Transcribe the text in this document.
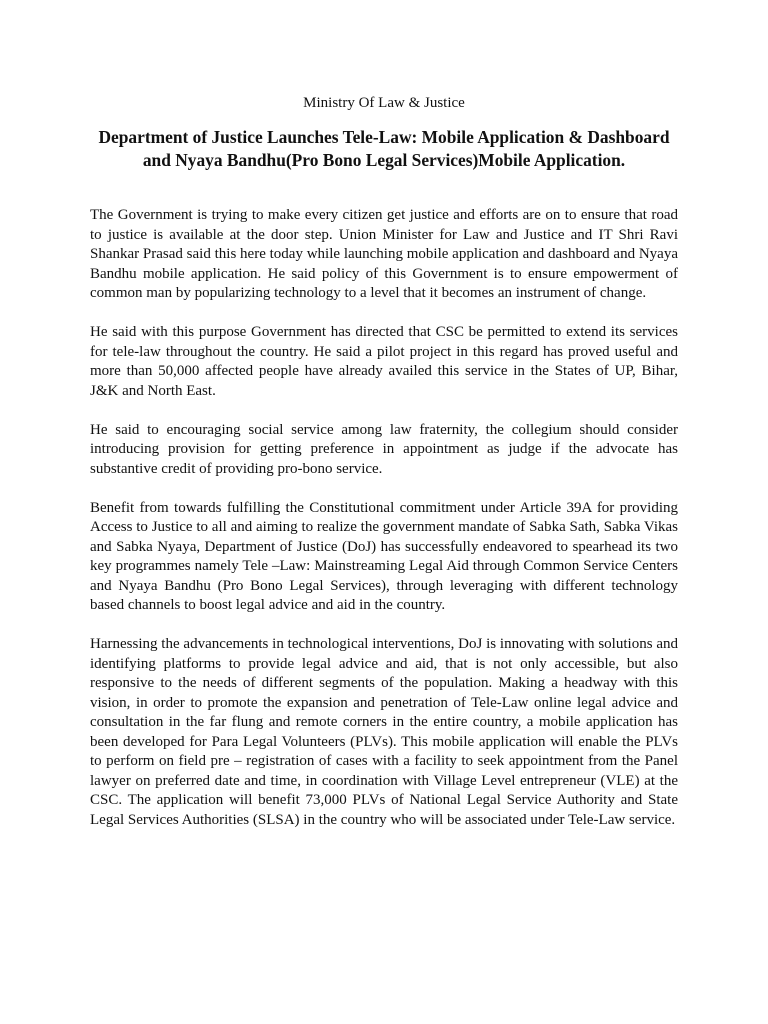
Ministry Of Law & Justice
Department of Justice Launches Tele-Law: Mobile Application & Dashboard
and Nyaya Bandhu(Pro Bono Legal Services)Mobile Application.

The Government is trying to make every citizen get justice and efforts are on to ensure that road to justice is available at the door step. Union Minister for Law and Justice and IT Shri Ravi Shankar Prasad said this here today while launching mobile application and dashboard and Nyaya Bandhu mobile application. He said policy of this Government is to ensure empowerment of common man by popularizing technology to a level that it becomes an instrument of change.

He said with this purpose Government has directed that CSC be permitted to extend its services for tele-law throughout the country. He said a pilot project in this regard has proved useful and more than 50,000 affected people have already availed this service in the States of UP, Bihar, J&K and North East.

He said to encouraging social service among law fraternity, the collegium should consider introducing provision for getting preference in appointment as judge if the advocate has substantive credit of providing pro-bono service.

Benefit from towards fulfilling the Constitutional commitment under Article 39A for providing Access to Justice to all and aiming to realize the government mandate of Sabka Sath, Sabka Vikas and Sabka Nyaya, Department of Justice (DoJ) has successfully endeavored to spearhead its two key programmes namely Tele –Law: Mainstreaming Legal Aid through Common Service Centers and Nyaya Bandhu (Pro Bono Legal Services), through leveraging with different technology based channels to boost legal advice and aid in the country.

Harnessing the advancements in technological interventions, DoJ is innovating with solutions and identifying platforms to provide legal advice and aid, that is not only accessible, but also responsive to the needs of different segments of the population. Making a headway with this vision, in order to promote the expansion and penetration of Tele-Law online legal advice and consultation in the far flung and remote corners in the entire country, a mobile application has been developed for Para Legal Volunteers (PLVs). This mobile application will enable the PLVs to perform on field pre – registration of cases with a facility to seek appointment from the Panel lawyer on preferred date and time, in coordination with Village Level entrepreneur (VLE) at the CSC. The application will benefit 73,000 PLVs of National Legal Service Authority and State Legal Services Authorities (SLSA) in the country who will be associated under Tele-Law service.
